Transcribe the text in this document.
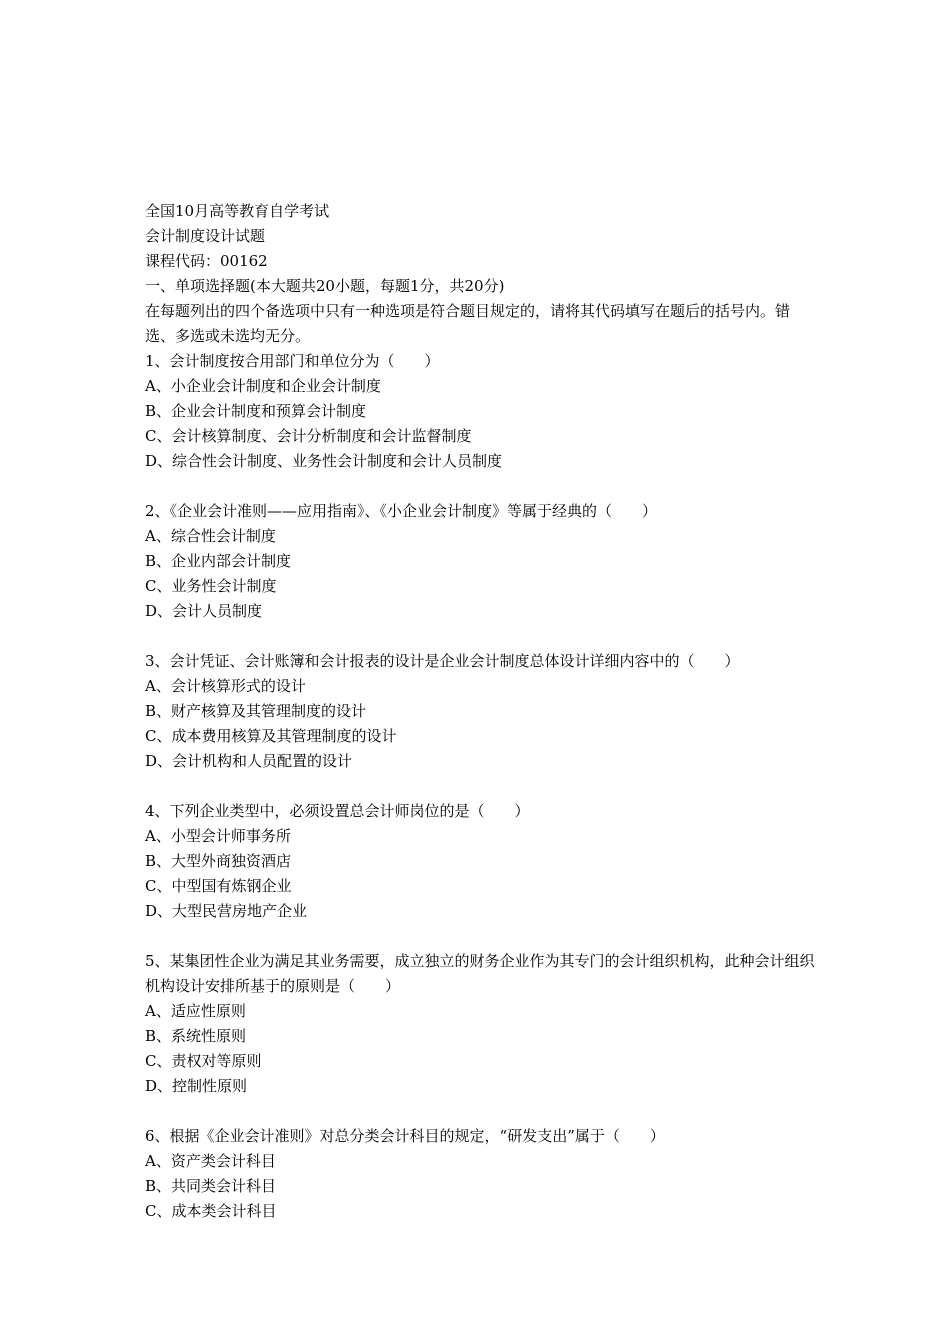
全国10月高等教育自学考试
会计制度设计试题
课程代码：00162
一、单项选择题(本大题共20小题，每题1分，共20分)
在每题列出的四个备选项中只有一种选项是符合题目规定的，请将其代码填写在题后的括号内。错选、多选或未选均无分。
1、会计制度按合用部门和单位分为（　　）
A、小企业会计制度和企业会计制度
B、企业会计制度和预算会计制度
C、会计核算制度、会计分析制度和会计监督制度
D、综合性会计制度、业务性会计制度和会计人员制度
2、《企业会计准则——应用指南》、《小企业会计制度》等属于经典的（　　）
A、综合性会计制度
B、企业内部会计制度
C、业务性会计制度
D、会计人员制度
3、会计凭证、会计账簿和会计报表的设计是企业会计制度总体设计详细内容中的（　　）
A、会计核算形式的设计
B、财产核算及其管理制度的设计
C、成本费用核算及其管理制度的设计
D、会计机构和人员配置的设计
4、下列企业类型中，必须设置总会计师岗位的是（　　）
A、小型会计师事务所
B、大型外商独资酒店
C、中型国有炼钢企业
D、大型民营房地产企业
5、某集团性企业为满足其业务需要，成立独立的财务企业作为其专门的会计组织机构，此种会计组织机构设计安排所基于的原则是（　　）
A、适应性原则
B、系统性原则
C、责权对等原则
D、控制性原则
6、根据《企业会计准则》对总分类会计科目的规定，“研发支出”属于（　　）
A、资产类会计科目
B、共同类会计科目
C、成本类会计科目
